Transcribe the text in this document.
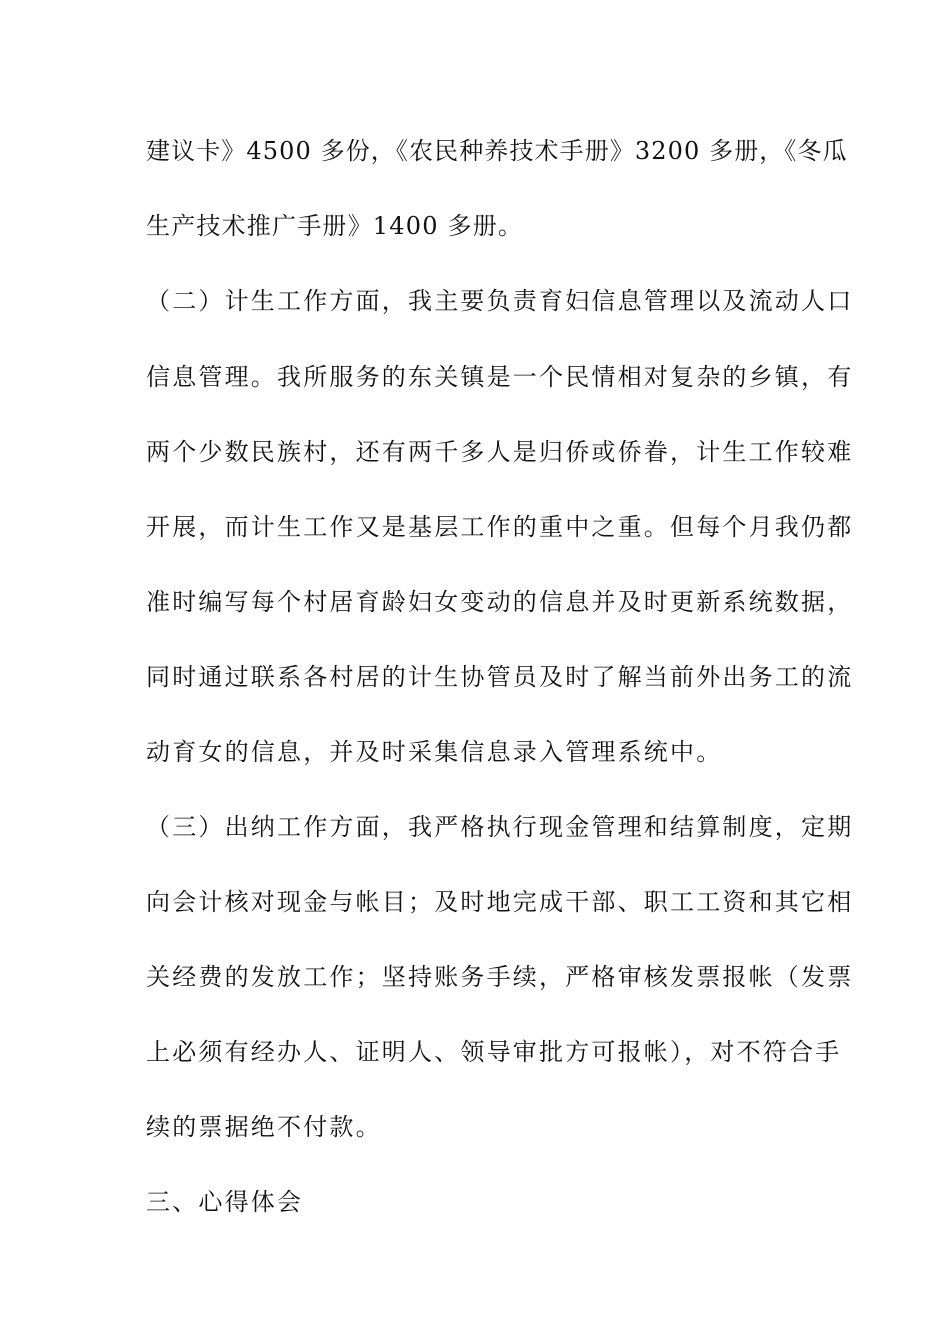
建议卡》4500 多份，《农民种养技术手册》3200 多册，《冬瓜
生产技术推广手册》1400 多册。
（二）计生工作方面，我主要负责育妇信息管理以及流动人口
信息管理。我所服务的东关镇是一个民情相对复杂的乡镇，有
两个少数民族村，还有两千多人是归侨或侨眷，计生工作较难
开展，而计生工作又是基层工作的重中之重。但每个月我仍都
准时编写每个村居育龄妇女变动的信息并及时更新系统数据，
同时通过联系各村居的计生协管员及时了解当前外出务工的流
动育女的信息，并及时采集信息录入管理系统中。
（三）出纳工作方面，我严格执行现金管理和结算制度，定期
向会计核对现金与帐目；及时地完成干部、职工工资和其它相
关经费的发放工作；坚持账务手续，严格审核发票报帐（发票
上必须有经办人、证明人、领导审批方可报帐），对不符合手
续的票据绝不付款。
三、心得体会
